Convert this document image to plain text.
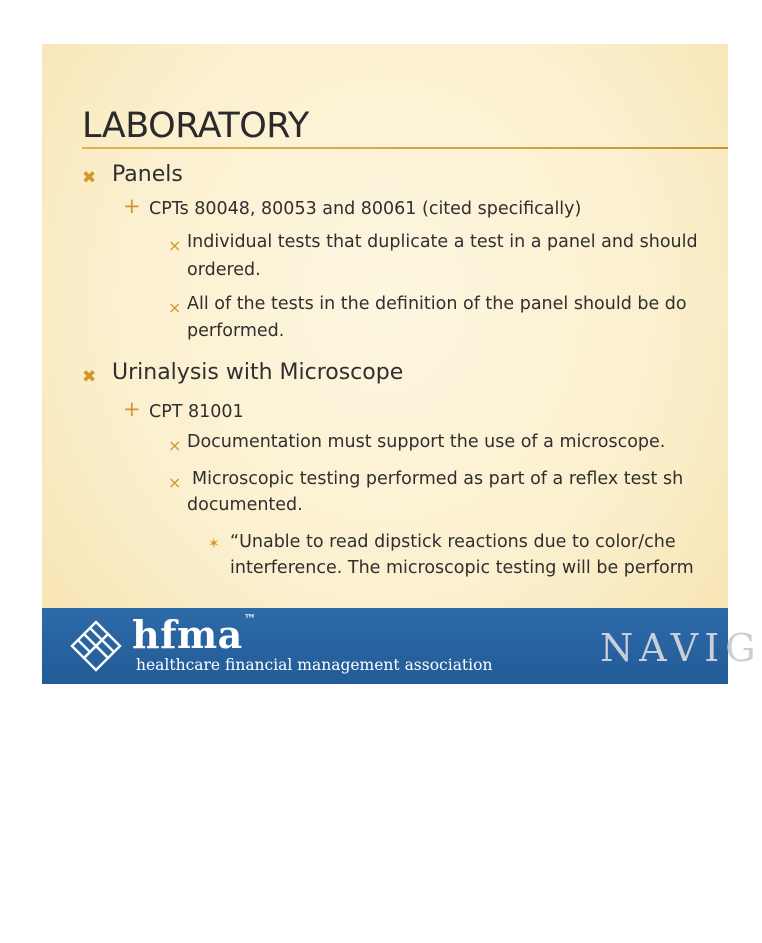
LABORATORY
✖ Panels
+ CPTs 80048, 80053 and 80061 (cited specifically)
× Individual tests that duplicate a test in a panel and should
ordered.
× All of the tests in the definition of the panel should be do
performed.
✖ Urinalysis with Microscope
+ CPT 81001
× Documentation must support the use of a microscope.
× Microscopic testing performed as part of a reflex test sh
documented.
✶ “Unable to read dipstick reactions due to color/che
interference. The microscopic testing will be perform
hfma™
healthcare financial management association	NAVIG
